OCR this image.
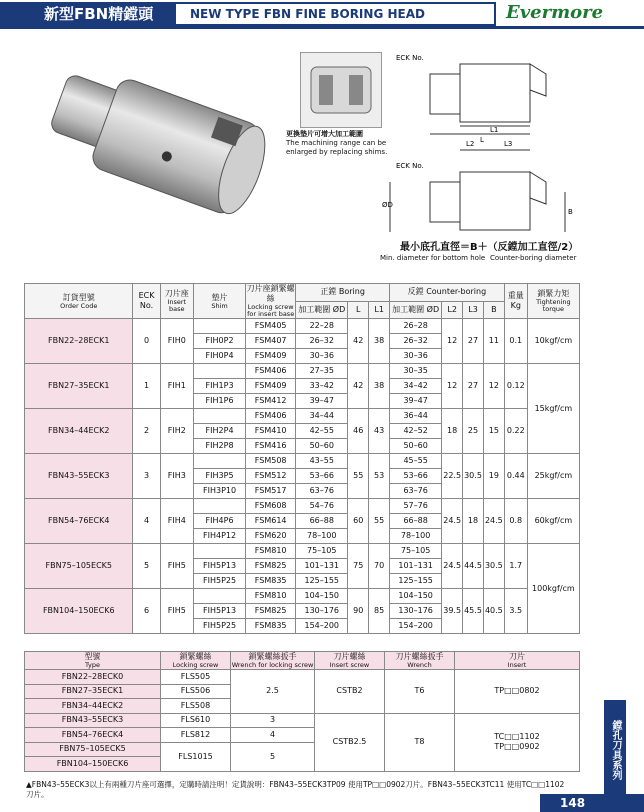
新型FBN精鏜頭	NEW TYPE FBN FINE BORING HEAD	Evermore
更換墊片可增大加工範圍
The machining range can be enlarged by replacing shims.
ECK No.
L
L1
L2	L3
ECK No.
B
ØD
最小底孔直徑＝B＋（反鏜加工直徑/2）
Min. diameter for bottom hole Counter-boring diameter
訂貨型號
Order Code	ECK No.	刀片座
Insert base	墊片
Shim	刀片座鎖緊螺絲
Locking screw for insert base	正鏜 Boring			反鏜 Counter-boring				重量 Kg	鎖緊力矩
Tightening torque

					加工範圍 ØD	L	L1	加工範圍 ØD	L2	L3	B		
FBN22–28ECK1	0	FIH0		FSM405	22–28	42	38	26–28	12	27	11	0.1	10kgf/cm
			FIH0P2	FSM407	26–32			26–32					
			FIH0P4	FSM409	30–36			30–36					
FBN27–35ECK1	1	FIH1		FSM406	27–35	42	38	30–35	12	27	12	0.12	15kgf/cm
			FIH1P3	FSM409	33–42			34–42					
			FIH1P6	FSM412	39–47			39–47					
FBN34–44ECK2	2	FIH2		FSM406	34–44	46	43	36–44	18	25	15	0.22	
			FIH2P4	FSM410	42–55			42–52					
			FIH2P8	FSM416	50–60			50–60					
FBN43–55ECK3	3	FIH3		FSM508	43–55	55	53	45–55	22.5	30.5	19	0.44	25kgf/cm
			FIH3P5	FSM512	53–66			53–66					
			FIH3P10	FSM517	63–76			63–76					
FBN54–76ECK4	4	FIH4		FSM608	54–76	60	55	57–76	24.5	18	24.5	0.8	60kgf/cm
			FIH4P6	FSM614	66–88			66–88					
			FIH4P12	FSM620	78–100			78–100					
FBN75–105ECK5	5	FIH5		FSM810	75–105	75	70	75–105	24.5	44.5	30.5	1.7	100kgf/cm
			FIH5P13	FSM825	101–131			101–131					
			FIH5P25	FSM835	125–155			125–155					
FBN104–150ECK6	6	FIH5		FSM810	104–150	90	85	104–150	39.5	45.5	40.5	3.5	
			FIH5P13	FSM825	130–176			130–176					
			FIH5P25	FSM835	154–200			154–200					
型號
Type	鎖緊螺絲
Locking screw	鎖緊螺絲扳手
Wrench for locking screw	刀片螺絲
Insert screw	刀片螺絲扳手
Wrench	刀片
Insert

FBN22–28ECK0	FLS505	2.5	CSTB2	T6	TP□□0802
FBN27–35ECK1	FLS506				
FBN34–44ECK2	FLS508				
FBN43–55ECK3	FLS610	3	CSTB2.5	T8	TC□□1102
TP□□0902
FBN54–76ECK4	FLS812	4			
FBN75–105ECK5	FLS1015	5			
FBN104–150ECK6						鏜孔刀具系列
▲FBN43–55ECK3以上有兩種刀片座可選擇，定購時請注明！定貨說明：FBN43–55ECK3TP09 使用TP□□0902刀片。FBN43–55ECK3TC11 使用TC□□1102刀片。
148
